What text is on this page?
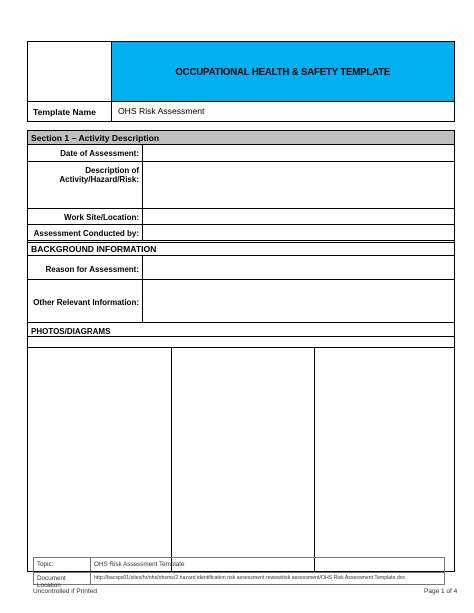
OCCUPATIONAL HEALTH & SAFETY TEMPLATE
Template Name	OHS Risk Assessment
Section 1 – Activity Description
Date of Assessment:
Description of Activity/Hazard/Risk:
Work Site/Location:
Assessment Conducted by:
BACKGROUND INFORMATION
Reason for Assessment:
Other Relevant Information:
PHOTOS/DIAGRAMS
Topic:	OHS Risk Assessment Template
Document Location
http://bacsps01/sites/hr/ohs/ohsms/2.hazard identification risk assessment review/risk assessment/OHS Risk Assessment Template.doc
Uncontrolled if Printed	Page 1 of 4
